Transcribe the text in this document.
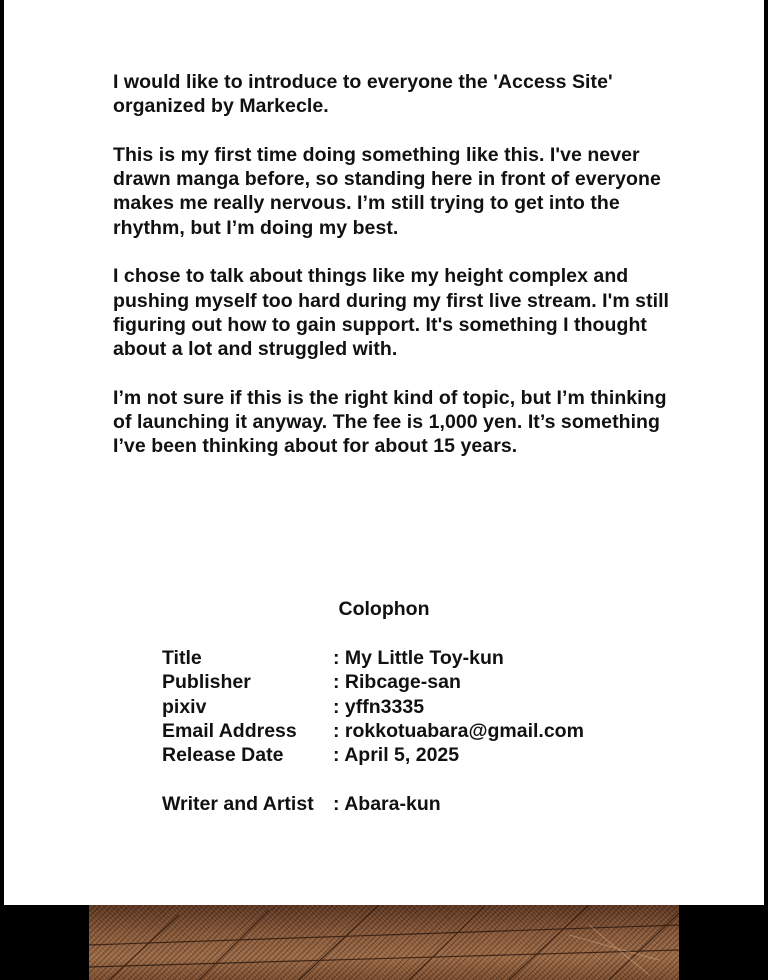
I would like to introduce to everyone the 'Access Site' organized by Markecle.

This is my first time doing something like this. I've never drawn manga before, so standing here in front of everyone makes me really nervous. I’m still trying to get into the rhythm, but I’m doing my best.

I chose to talk about things like my height complex and pushing myself too hard during my first live stream. I'm still figuring out how to gain support. It's something I thought about a lot and struggled with.

I’m not sure if this is the right kind of topic, but I’m thinking of launching it anyway. The fee is 1,000 yen. It’s something I’ve been thinking about for about 15 years.

Colophon
Title	: My Little Toy-kun
Publisher	: Ribcage-san
pixiv	: yffn3335
Email Address	: rokkotuabara@gmail.com
Release Date	: April 5, 2025
Writer and Artist	: Abara-kun
